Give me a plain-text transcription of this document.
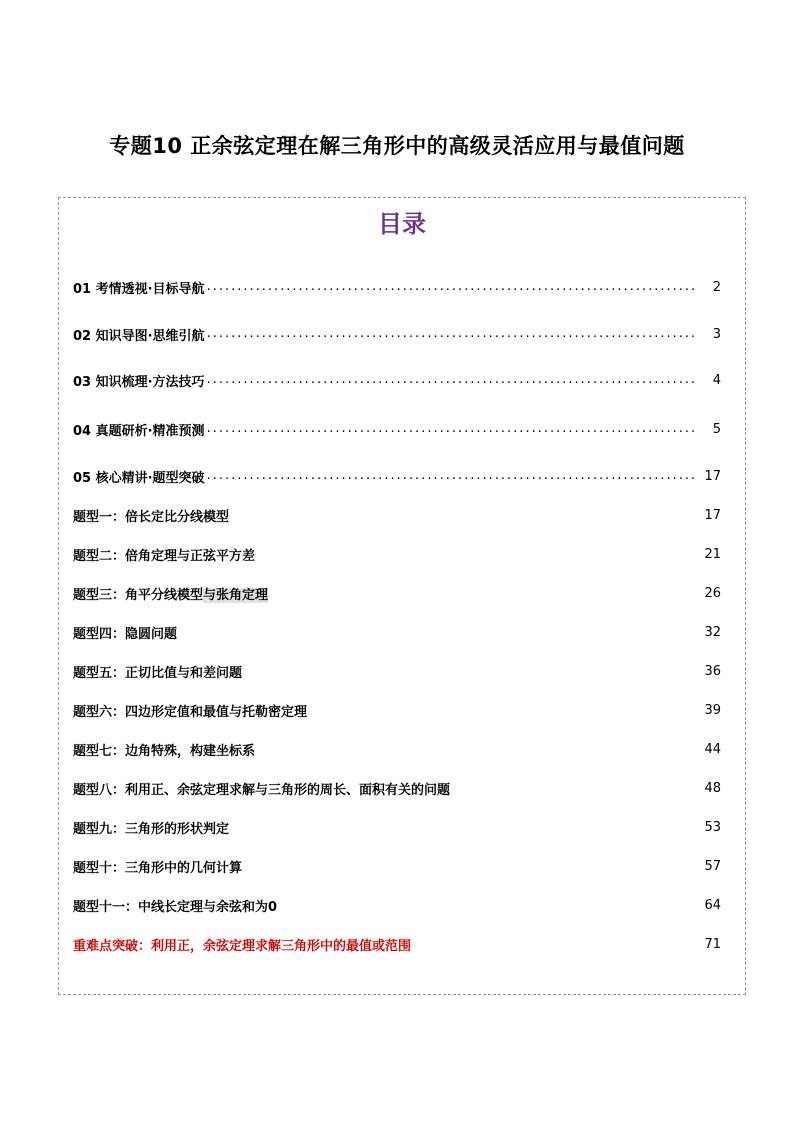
专题10 正余弦定理在解三角形中的高级灵活应用与最值问题
目录
01 考情透视·目标导航 .....	2
02 知识导图·思维引航 .....	3
03 知识梳理·方法技巧 .....	4
04 真题研析·精准预测 .....	5
05 核心精讲·题型突破 .....	17
题型一：倍长定比分线模型	17
题型二：倍角定理与正弦平方差	21
题型三：角平分线模型与张角定理	26
题型四：隐圆问题	32
题型五：正切比值与和差问题	36
题型六：四边形定值和最值与托勒密定理	39
题型七：边角特殊，构建坐标系	44
题型八：利用正、余弦定理求解与三角形的周长、面积有关的问题	48
题型九：三角形的形状判定	53
题型十：三角形中的几何计算	57
题型十一：中线长定理与余弦和为0	64
重难点突破：利用正，余弦定理求解三角形中的最值或范围	71
